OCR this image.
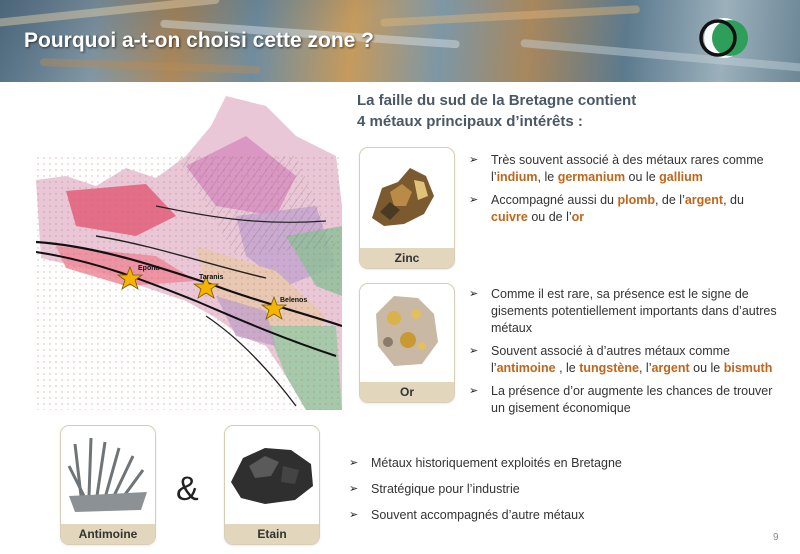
Pourquoi a-t-on choisi cette zone ?
Epona
Taranis
Belenos
La faille du sud de la Bretagne contient
4 métaux principaux d’intérêts :
Zinc
Or
Antimoine
&
Etain
➢ Très souvent associé à des métaux rares comme l’indium, le germanium ou le gallium
➢ Accompagné aussi du plomb, de l’argent, du cuivre ou de l’or
➢ Comme il est rare, sa présence est le signe de gisements potentiellement importants dans d’autres métaux
➢ Souvent associé à d’autres métaux comme l’antimoine , le tungstène, l’argent ou le bismuth
➢ La présence d’or augmente les chances de trouver un gisement économique
➢ Métaux historiquement exploités en Bretagne
➢ Stratégique pour l’industrie
➢ Souvent accompagnés d’autre métaux
9
